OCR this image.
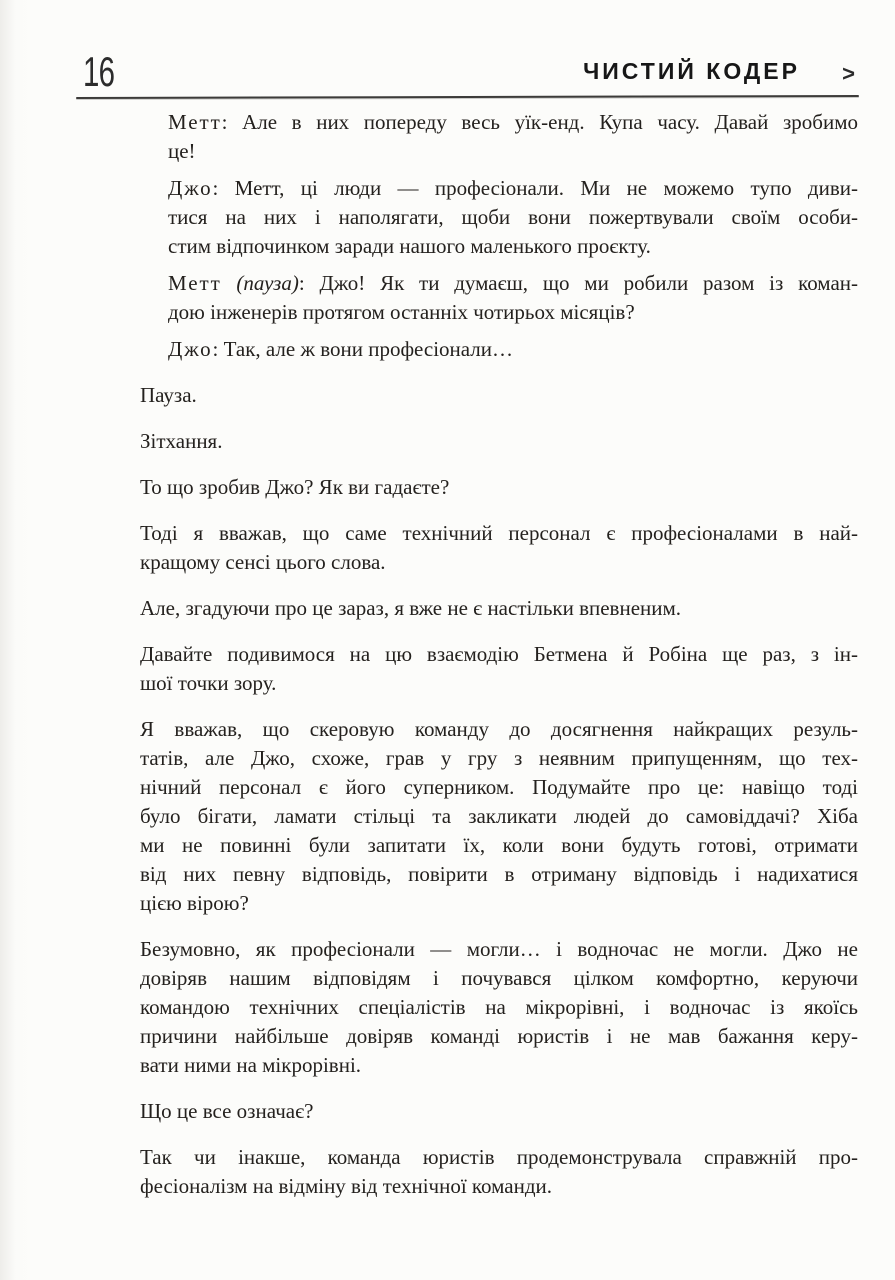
16	ЧИСТИЙ КОДЕР >
Метт: Але в них попереду весь уїк-енд. Купа часу. Давай зробимо
це!
Джо: Метт, ці люди — професіонали. Ми не можемо тупо диви-
тися на них і наполягати, щоби вони пожертвували своїм особи-
стим відпочинком заради нашого маленького проєкту.
Метт (пауза): Джо! Як ти думаєш, що ми робили разом із коман-
дою інженерів протягом останніх чотирьох місяців?
Джо: Так, але ж вони професіонали…
Пауза.
Зітхання.
То що зробив Джо? Як ви гадаєте?
Тоді я вважав, що саме технічний персонал є професіоналами в най-
кращому сенсі цього слова.
Але, згадуючи про це зараз, я вже не є настільки впевненим.
Давайте подивимося на цю взаємодію Бетмена й Робіна ще раз, з ін-
шої точки зору.
Я вважав, що скеровую команду до досягнення найкращих резуль-
татів, але Джо, схоже, грав у гру з неявним припущенням, що тех-
нічний персонал є його суперником. Подумайте про це: навіщо тоді
було бігати, ламати стільці та закликати людей до самовіддачі? Хіба
ми не повинні були запитати їх, коли вони будуть готові, отримати
від них певну відповідь, повірити в отриману відповідь і надихатися
цією вірою?
Безумовно, як професіонали — могли… і водночас не могли. Джо не
довіряв нашим відповідям і почувався цілком комфортно, керуючи
командою технічних спеціалістів на мікрорівні, і водночас із якоїсь
причини найбільше довіряв команді юристів і не мав бажання керу-
вати ними на мікрорівні.
Що це все означає?
Так чи інакше, команда юристів продемонструвала справжній про-
фесіоналізм на відміну від технічної команди.
